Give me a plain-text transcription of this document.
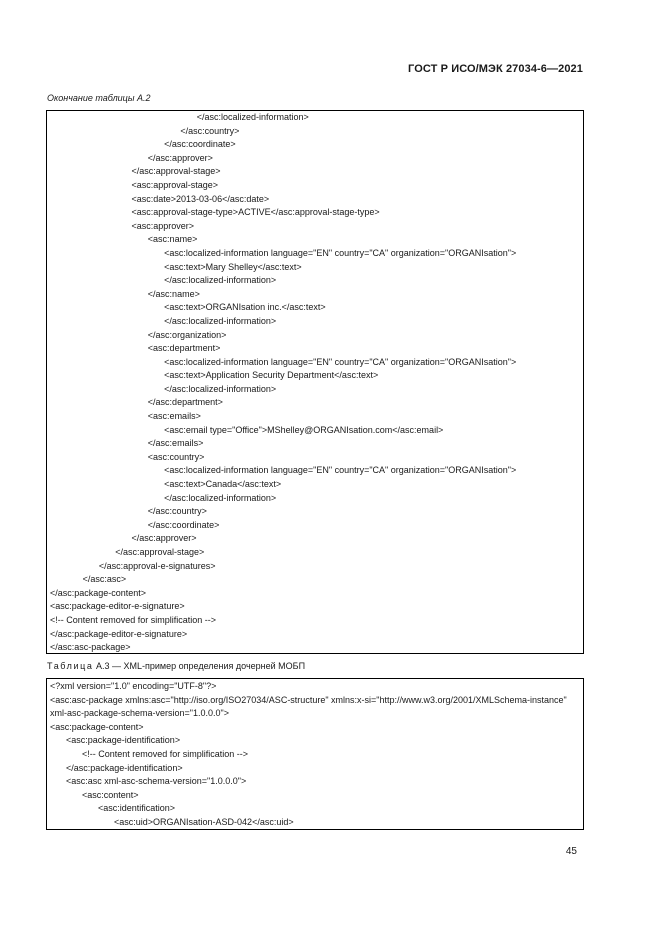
ГОСТ Р ИСО/МЭК 27034-6—2021
Окончание таблицы А.2
</asc:localized-information>
</asc:country>
</asc:coordinate>
</asc:approver>
</asc:approval-stage>
<asc:approval-stage>
<asc:date>2013-03-06</asc:date>
<asc:approval-stage-type>ACTIVE</asc:approval-stage-type>
<asc:approver>
<asc:name>
<asc:localized-information language="EN" country="CA" organization="ORGANIsation">
<asc:text>Mary Shelley</asc:text>
</asc:localized-information>
</asc:name>
<asc:text>ORGANIsation inc.</asc:text>
</asc:localized-information>
</asc:organization>
<asc:department>
<asc:localized-information language="EN" country="CA" organization="ORGANIsation">
<asc:text>Application Security Department</asc:text>
</asc:localized-information>
</asc:department>
<asc:emails>
<asc:email type="Office">MShelley@ORGANIsation.com</asc:email>
</asc:emails>
<asc:country>
<asc:localized-information language="EN" country="CA" organization="ORGANIsation">
<asc:text>Canada</asc:text>
</asc:localized-information>
</asc:country>
</asc:coordinate>
</asc:approver>
</asc:approval-stage>
</asc:approval-e-signatures>
</asc:asc>
</asc:package-content>
<asc:package-editor-e-signature>
<!-- Content removed for simplification -->
</asc:package-editor-e-signature>
</asc:asc-package>
Таблица А.3 — XML-пример определения дочерней МОБП
<?xml version="1.0" encoding="UTF-8"?>
<asc:asc-package xmlns:asc="http://iso.org/ISO27034/ASC-structure" xmlns:x-si="http://www.w3.org/2001/XMLSchema-instance"
xml-asc-package-schema-version="1.0.0.0">
<asc:package-content>
<asc:package-identification>
<!-- Content removed for simplification -->
</asc:package-identification>
<asc:asc xml-asc-schema-version="1.0.0.0">
<asc:content>
<asc:identification>
<asc:uid>ORGANIsation-ASD-042</asc:uid>
45
